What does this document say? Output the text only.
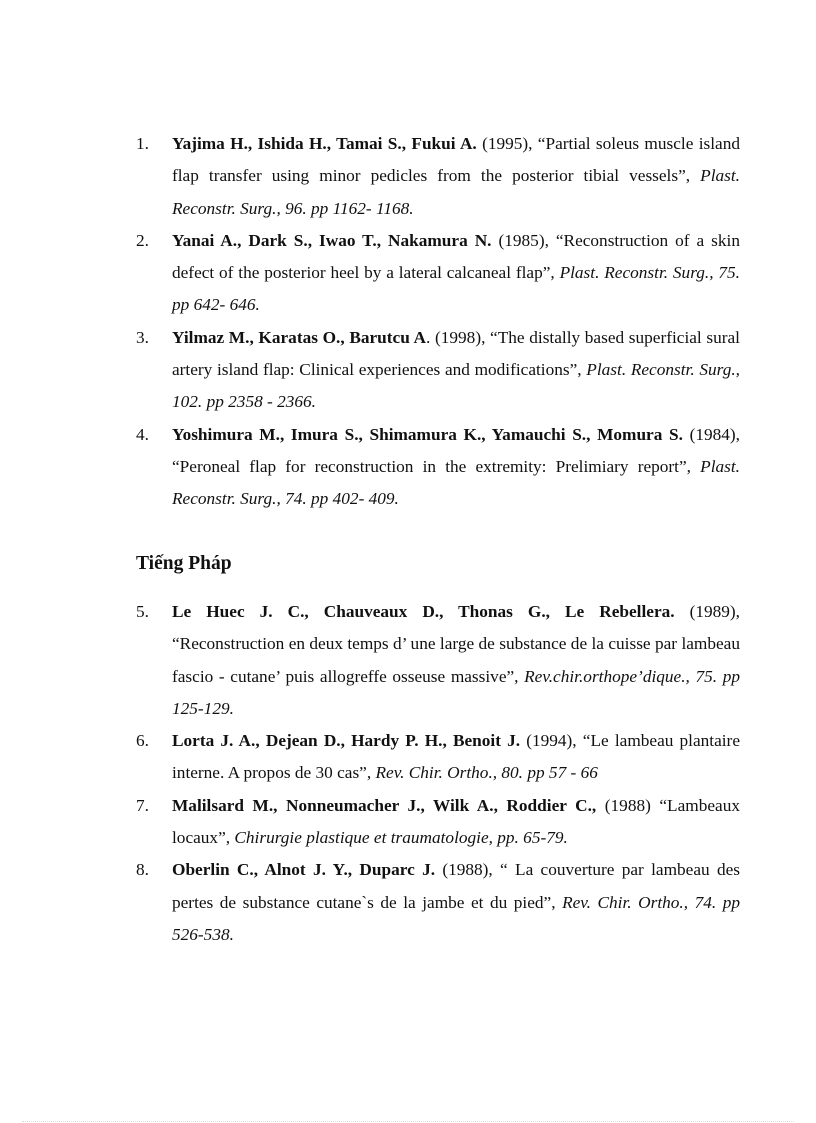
1.	Yajima H., Ishida H., Tamai S., Fukui A. (1995), “Partial soleus muscle island flap transfer using minor pedicles from the posterior tibial vessels”, Plast. Reconstr. Surg., 96. pp 1162- 1168.
2.	Yanai A., Dark S., Iwao T., Nakamura N. (1985), “Reconstruction of a skin defect of the posterior heel by a lateral calcaneal flap”, Plast. Reconstr. Surg., 75. pp 642- 646.
3.	Yilmaz M., Karatas O., Barutcu A. (1998), “The distally based superficial sural artery island flap: Clinical experiences and modifications”, Plast. Reconstr. Surg., 102. pp 2358 - 2366.
4.	Yoshimura M., Imura S., Shimamura K., Yamauchi S., Momura S. (1984), “Peroneal flap for reconstruction in the extremity: Prelimiary report”, Plast. Reconstr. Surg., 74. pp 402- 409.
Tiếng Pháp
5.	Le Huec J. C., Chauveaux D., Thonas G., Le Rebellera. (1989), “Reconstruction en deux temps d’ une large de substance de la cuisse par lambeau fascio - cutane’ puis allogreffe osseuse massive”, Rev.chir.orthope’dique., 75. pp 125-129.
6.	Lorta J. A., Dejean D., Hardy P. H., Benoit J. (1994), “Le lambeau plantaire interne. A propos de 30 cas”, Rev. Chir. Ortho., 80. pp 57 - 66
7.	Malilsard M., Nonneumacher J., Wilk A., Roddier C., (1988) “Lambeaux locaux”, Chirurgie plastique et traumatologie, pp. 65-79.
8.	Oberlin C., Alnot J. Y., Duparc J. (1988), “ La couverture par lambeau des pertes de substance cutane`s de la jambe et du pied”, Rev. Chir. Ortho., 74. pp 526-538.
